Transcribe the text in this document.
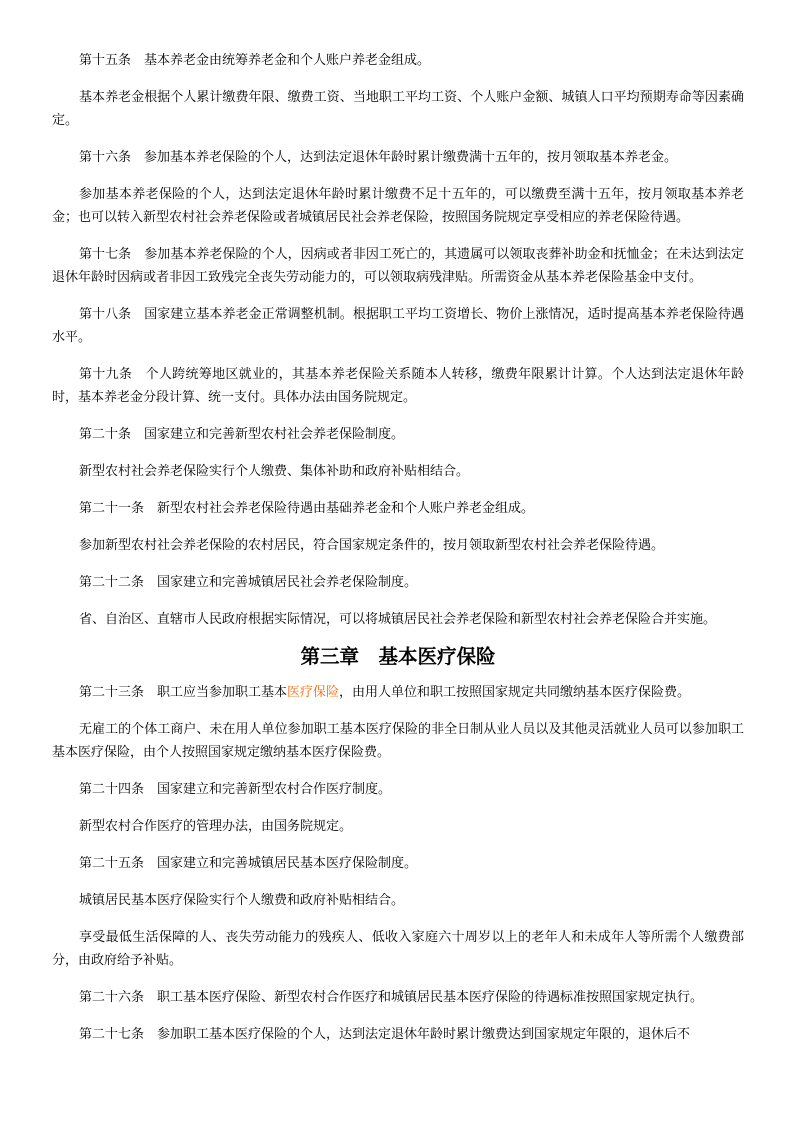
第十五条 基本养老金由统筹养老金和个人账户养老金组成。

基本养老金根据个人累计缴费年限、缴费工资、当地职工平均工资、个人账户金额、城镇人口平均预期寿命等因素确定。

第十六条 参加基本养老保险的个人，达到法定退休年龄时累计缴费满十五年的，按月领取基本养老金。

参加基本养老保险的个人，达到法定退休年龄时累计缴费不足十五年的，可以缴费至满十五年，按月领取基本养老金；也可以转入新型农村社会养老保险或者城镇居民社会养老保险，按照国务院规定享受相应的养老保险待遇。

第十七条 参加基本养老保险的个人，因病或者非因工死亡的，其遗属可以领取丧葬补助金和抚恤金；在未达到法定退休年龄时因病或者非因工致残完全丧失劳动能力的，可以领取病残津贴。所需资金从基本养老保险基金中支付。

第十八条 国家建立基本养老金正常调整机制。根据职工平均工资增长、物价上涨情况，适时提高基本养老保险待遇水平。

第十九条 个人跨统筹地区就业的，其基本养老保险关系随本人转移，缴费年限累计计算。个人达到法定退休年龄时，基本养老金分段计算、统一支付。具体办法由国务院规定。

第二十条 国家建立和完善新型农村社会养老保险制度。

新型农村社会养老保险实行个人缴费、集体补助和政府补贴相结合。

第二十一条 新型农村社会养老保险待遇由基础养老金和个人账户养老金组成。

参加新型农村社会养老保险的农村居民，符合国家规定条件的，按月领取新型农村社会养老保险待遇。

第二十二条 国家建立和完善城镇居民社会养老保险制度。

省、自治区、直辖市人民政府根据实际情况，可以将城镇居民社会养老保险和新型农村社会养老保险合并实施。

第三章　基本医疗保险

第二十三条 职工应当参加职工基本医疗保险，由用人单位和职工按照国家规定共同缴纳基本医疗保险费。

无雇工的个体工商户、未在用人单位参加职工基本医疗保险的非全日制从业人员以及其他灵活就业人员可以参加职工基本医疗保险，由个人按照国家规定缴纳基本医疗保险费。

第二十四条 国家建立和完善新型农村合作医疗制度。

新型农村合作医疗的管理办法，由国务院规定。

第二十五条 国家建立和完善城镇居民基本医疗保险制度。

城镇居民基本医疗保险实行个人缴费和政府补贴相结合。

享受最低生活保障的人、丧失劳动能力的残疾人、低收入家庭六十周岁以上的老年人和未成年人等所需个人缴费部分，由政府给予补贴。

第二十六条 职工基本医疗保险、新型农村合作医疗和城镇居民基本医疗保险的待遇标准按照国家规定执行。

第二十七条 参加职工基本医疗保险的个人，达到法定退休年龄时累计缴费达到国家规定年限的，退休后不
